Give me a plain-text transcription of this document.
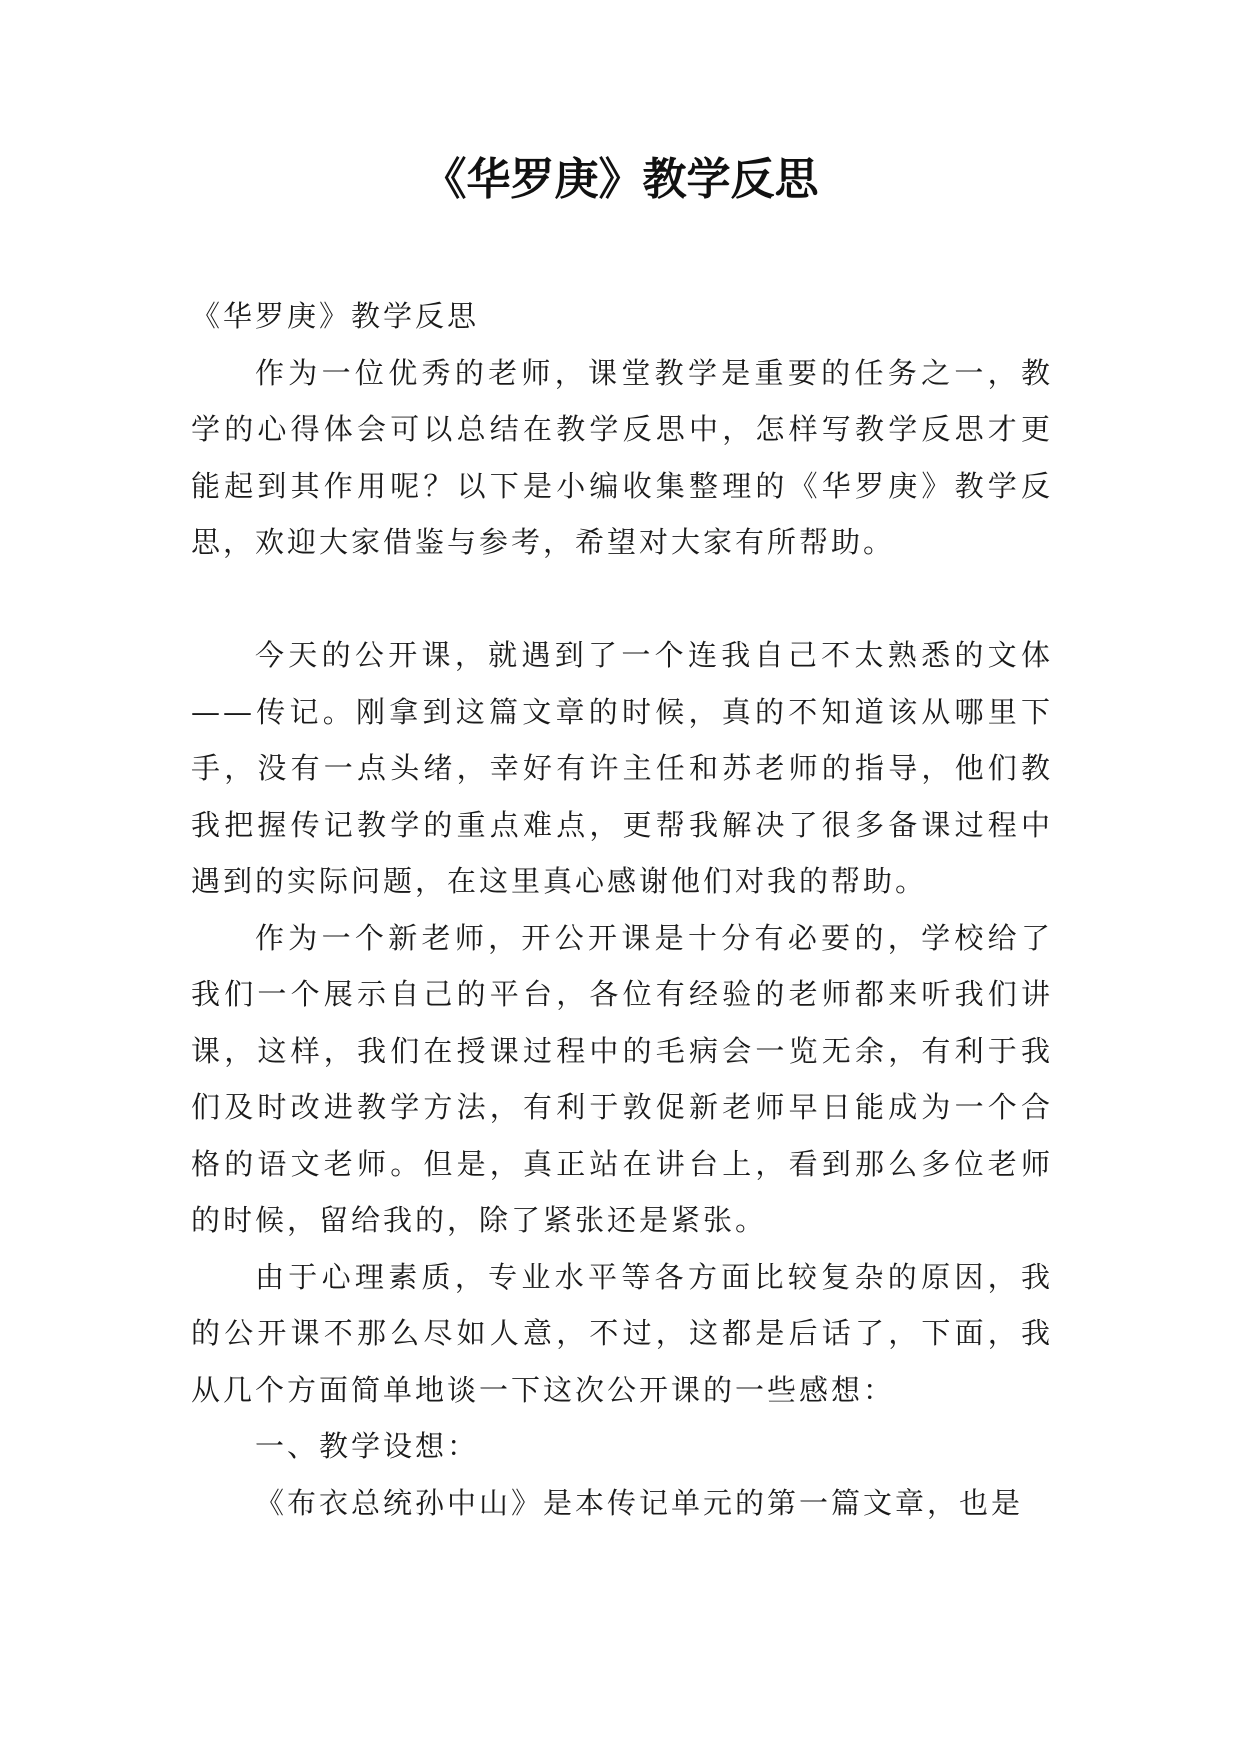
《华罗庚》教学反思

《华罗庚》教学反思

作为一位优秀的老师，课堂教学是重要的任务之一，教学的心得体会可以总结在教学反思中，怎样写教学反思才更能起到其作用呢？以下是小编收集整理的《华罗庚》教学反思，欢迎大家借鉴与参考，希望对大家有所帮助。

今天的公开课，就遇到了一个连我自己不太熟悉的文体——传记。刚拿到这篇文章的时候，真的不知道该从哪里下手，没有一点头绪，幸好有许主任和苏老师的指导，他们教我把握传记教学的重点难点，更帮我解决了很多备课过程中遇到的实际问题，在这里真心感谢他们对我的帮助。

作为一个新老师，开公开课是十分有必要的，学校给了我们一个展示自己的平台，各位有经验的老师都来听我们讲课，这样，我们在授课过程中的毛病会一览无余，有利于我们及时改进教学方法，有利于敦促新老师早日能成为一个合格的语文老师。但是，真正站在讲台上，看到那么多位老师的时候，留给我的，除了紧张还是紧张。

由于心理素质，专业水平等各方面比较复杂的原因，我的公开课不那么尽如人意，不过，这都是后话了，下面，我从几个方面简单地谈一下这次公开课的一些感想：

一、教学设想：

《布衣总统孙中山》是本传记单元的第一篇文章，也是
